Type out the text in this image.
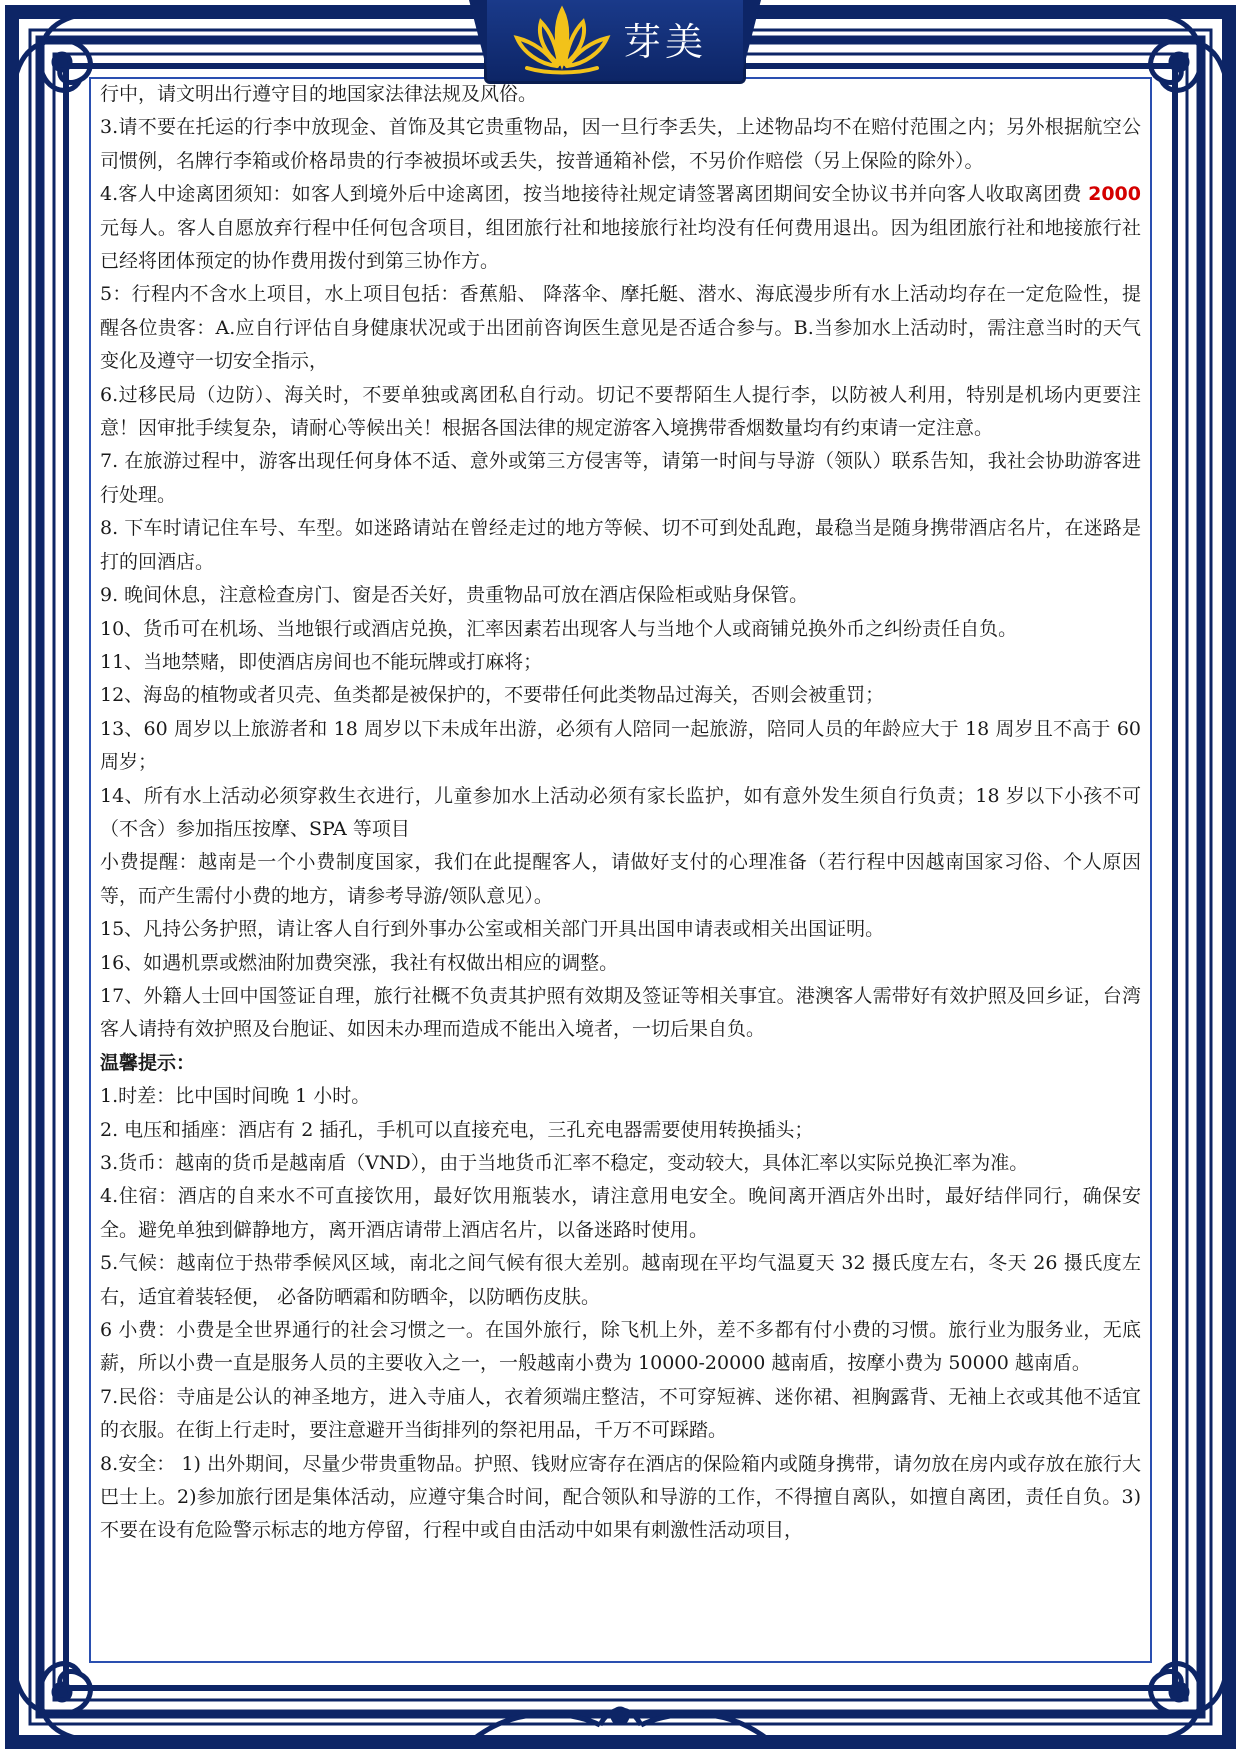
芽美

行中，请文明出行遵守目的地国家法律法规及风俗。

3.请不要在托运的行李中放现金、首饰及其它贵重物品，因一旦行李丢失，上述物品均不在赔付范围之内；另外根据航空公司惯例，名牌行李箱或价格昂贵的行李被损坏或丢失，按普通箱补偿，不另价作赔偿（另上保险的除外）。

4.客人中途离团须知：如客人到境外后中途离团，按当地接待社规定请签署离团期间安全协议书并向客人收取离团费 2000 元每人。客人自愿放弃行程中任何包含项目，组团旅行社和地接旅行社均没有任何费用退出。因为组团旅行社和地接旅行社已经将团体预定的协作费用拨付到第三协作方。

5：行程内不含水上项目，水上项目包括：香蕉船、 降落伞、摩托艇、潜水、海底漫步所有水上活动均存在一定危险性，提醒各位贵客：A.应自行评估自身健康状况或于出团前咨询医生意见是否适合参与。B.当参加水上活动时，需注意当时的天气变化及遵守一切安全指示，

6.过移民局（边防）、海关时，不要单独或离团私自行动。切记不要帮陌生人提行李，以防被人利用，特别是机场内更要注意！因审批手续复杂，请耐心等候出关！根据各国法律的规定游客入境携带香烟数量均有约束请一定注意。

7. 在旅游过程中，游客出现任何身体不适、意外或第三方侵害等，请第一时间与导游（领队）联系告知，我社会协助游客进行处理。

8. 下车时请记住车号、车型。如迷路请站在曾经走过的地方等候、切不可到处乱跑，最稳当是随身携带酒店名片，在迷路是打的回酒店。

9. 晚间休息，注意检查房门、窗是否关好，贵重物品可放在酒店保险柜或贴身保管。

10、货币可在机场、当地银行或酒店兑换，汇率因素若出现客人与当地个人或商铺兑换外币之纠纷责任自负。

11、当地禁赌，即使酒店房间也不能玩牌或打麻将；

12、海岛的植物或者贝壳、鱼类都是被保护的，不要带任何此类物品过海关，否则会被重罚；

13、60 周岁以上旅游者和 18 周岁以下未成年出游，必须有人陪同一起旅游，陪同人员的年龄应大于 18 周岁且不高于 60 周岁；

14、所有水上活动必须穿救生衣进行，儿童参加水上活动必须有家长监护，如有意外发生须自行负责；18 岁以下小孩不可（不含）参加指压按摩、SPA 等项目

小费提醒：越南是一个小费制度国家，我们在此提醒客人，请做好支付的心理准备（若行程中因越南国家习俗、个人原因等，而产生需付小费的地方，请参考导游/领队意见）。

15、凡持公务护照，请让客人自行到外事办公室或相关部门开具出国申请表或相关出国证明。

16、如遇机票或燃油附加费突涨，我社有权做出相应的调整。

17、外籍人士回中国签证自理，旅行社概不负责其护照有效期及签证等相关事宜。港澳客人需带好有效护照及回乡证，台湾客人请持有效护照及台胞证、如因未办理而造成不能出入境者，一切后果自负。

温馨提示：

1.时差：比中国时间晚 1 小时。

2. 电压和插座：酒店有 2 插孔，手机可以直接充电，三孔充电器需要使用转换插头；

3.货币：越南的货币是越南盾（VND），由于当地货币汇率不稳定，变动较大，具体汇率以实际兑换汇率为准。

4.住宿：酒店的自来水不可直接饮用，最好饮用瓶装水，请注意用电安全。晚间离开酒店外出时，最好结伴同行，确保安全。避免单独到僻静地方，离开酒店请带上酒店名片，以备迷路时使用。

5.气候：越南位于热带季候风区域，南北之间气候有很大差别。越南现在平均气温夏天 32 摄氏度左右，冬天 26 摄氏度左右，适宜着装轻便， 必备防晒霜和防晒伞，以防晒伤皮肤。

6 小费：小费是全世界通行的社会习惯之一。在国外旅行，除飞机上外，差不多都有付小费的习惯。旅行业为服务业，无底薪，所以小费一直是服务人员的主要收入之一，一般越南小费为 10000-20000 越南盾，按摩小费为 50000 越南盾。

7.民俗：寺庙是公认的神圣地方，进入寺庙人，衣着须端庄整洁，不可穿短裤、迷你裙、袒胸露背、无袖上衣或其他不适宜的衣服。在街上行走时，要注意避开当街排列的祭祀用品，千万不可踩踏。

8.安全： 1) 出外期间，尽量少带贵重物品。护照、钱财应寄存在酒店的保险箱内或随身携带，请勿放在房内或存放在旅行大巴士上。2)参加旅行团是集体活动，应遵守集合时间，配合领队和导游的工作，不得擅自离队，如擅自离团，责任自负。3)不要在设有危险警示标志的地方停留，行程中或自由活动中如果有刺激性活动项目，
